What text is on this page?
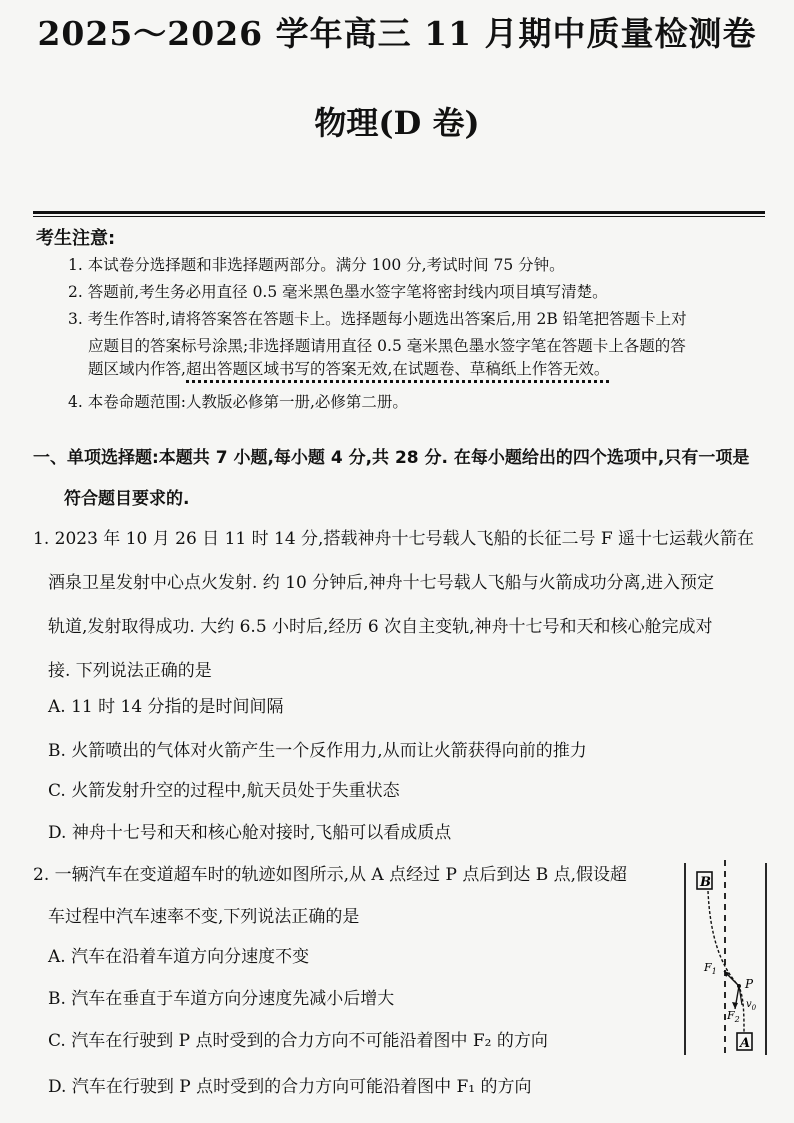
2025～2026 学年高三 11 月期中质量检测卷
物理(D 卷)
考生注意:
1. 本试卷分选择题和非选择题两部分。满分 100 分,考试时间 75 分钟。
2. 答题前,考生务必用直径 0.5 毫米黑色墨水签字笔将密封线内项目填写清楚。
3. 考生作答时,请将答案答在答题卡上。选择题每小题选出答案后,用 2B 铅笔把答题卡上对
应题目的答案标号涂黑;非选择题请用直径 0.5 毫米黑色墨水签字笔在答题卡上各题的答
题区域内作答,超出答题区域书写的答案无效,在试题卷、草稿纸上作答无效。
4. 本卷命题范围:人教版必修第一册,必修第二册。
一、单项选择题:本题共 7 小题,每小题 4 分,共 28 分. 在每小题给出的四个选项中,只有一项是
符合题目要求的.
1. 2023 年 10 月 26 日 11 时 14 分,搭载神舟十七号载人飞船的长征二号 F 遥十七运载火箭在
酒泉卫星发射中心点火发射. 约 10 分钟后,神舟十七号载人飞船与火箭成功分离,进入预定
轨道,发射取得成功. 大约 6.5 小时后,经历 6 次自主变轨,神舟十七号和天和核心舱完成对
接. 下列说法正确的是
A. 11 时 14 分指的是时间间隔
B. 火箭喷出的气体对火箭产生一个反作用力,从而让火箭获得向前的推力
C. 火箭发射升空的过程中,航天员处于失重状态
D. 神舟十七号和天和核心舱对接时,飞船可以看成质点
2. 一辆汽车在变道超车时的轨迹如图所示,从 A 点经过 P 点后到达 B 点,假设超
车过程中汽车速率不变,下列说法正确的是
A. 汽车在沿着车道方向分速度不变
B. 汽车在垂直于车道方向分速度先减小后增大
C. 汽车在行驶到 P 点时受到的合力方向不可能沿着图中 F₂ 的方向
D. 汽车在行驶到 P 点时受到的合力方向可能沿着图中 F₁ 的方向
B
A
P
$F_1$
$F_2$
$v_0$
